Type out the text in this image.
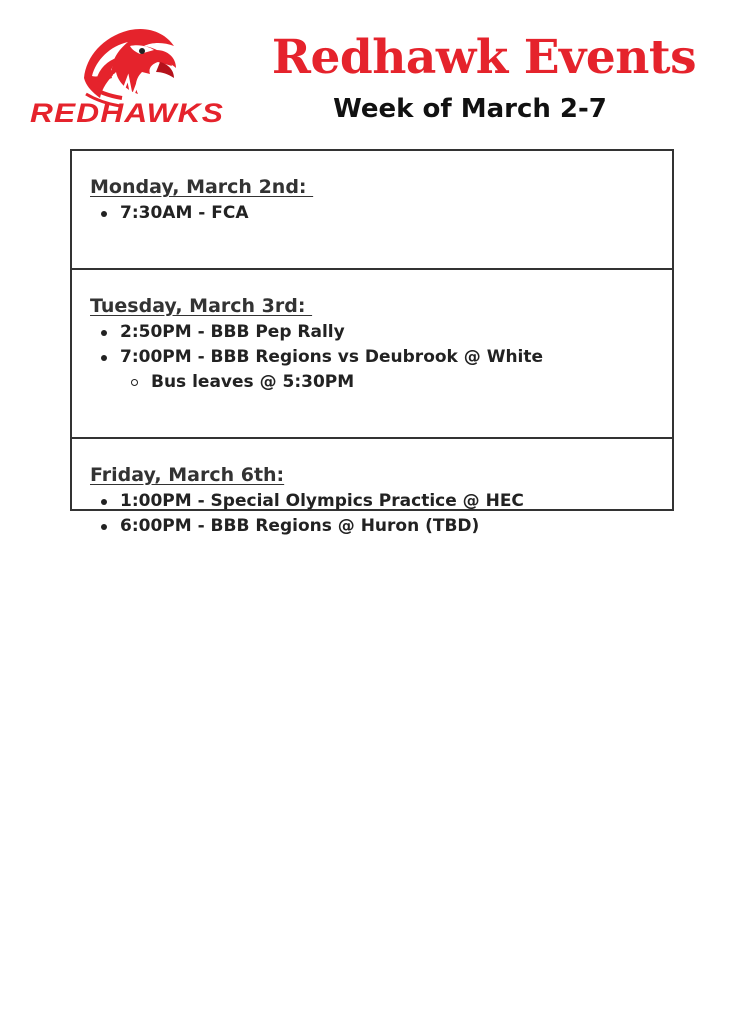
REDHAWKS
Redhawk Events
Week of March 2-7
Monday, March 2nd:
7:30AM - FCA
Tuesday, March 3rd:
2:50PM - BBB Pep Rally
7:00PM - BBB Regions vs Deubrook @ White
Bus leaves @ 5:30PM
Friday, March 6th:
1:00PM - Special Olympics Practice @ HEC
6:00PM - BBB Regions @ Huron (TBD)
